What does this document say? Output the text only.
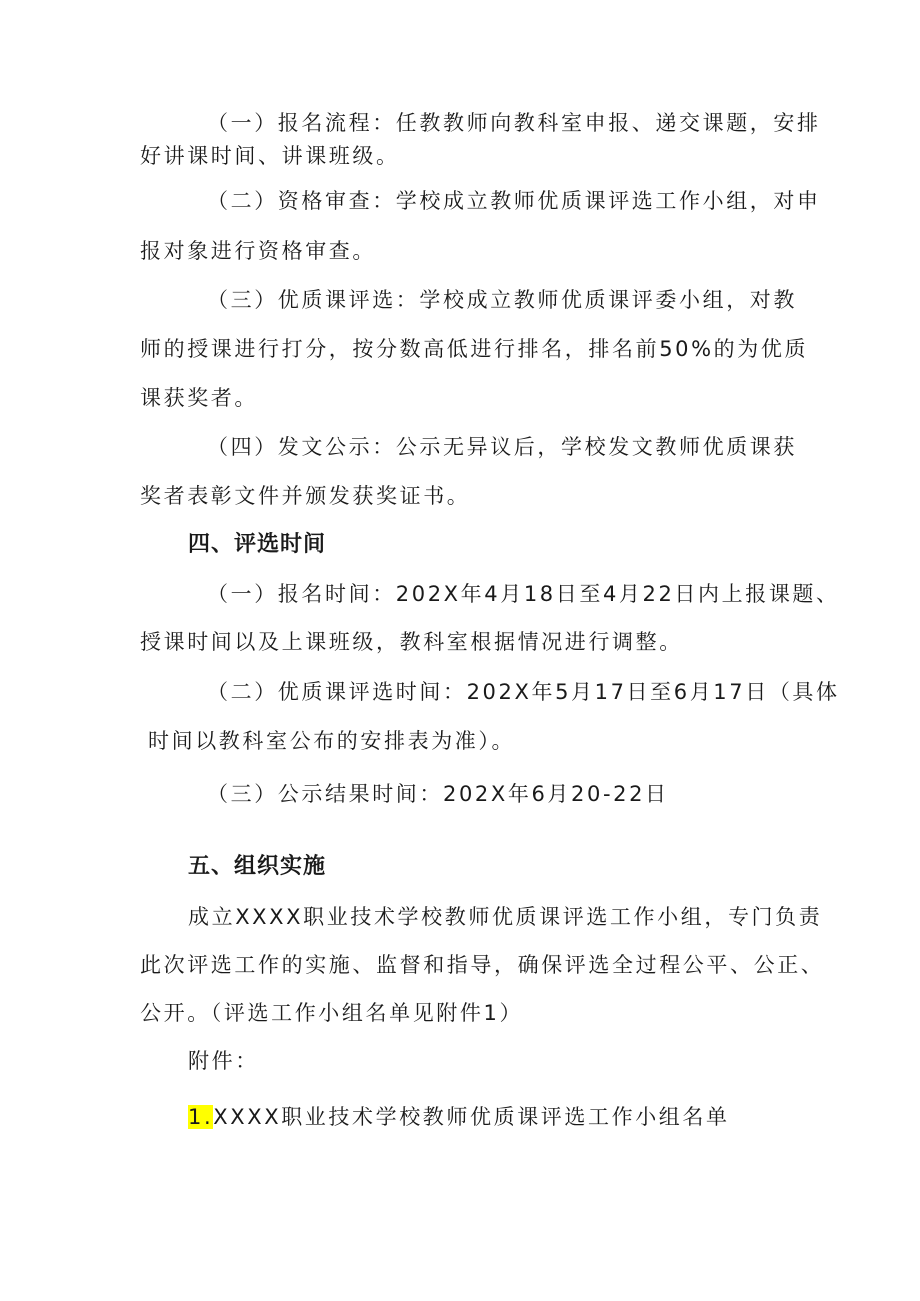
（一）报名流程：任教教师向教科室申报、递交课题，安排
好讲课时间、讲课班级。
（二）资格审查：学校成立教师优质课评选工作小组，对申
报对象进行资格审查。
（三）优质课评选：学校成立教师优质课评委小组，对教
师的授课进行打分，按分数高低进行排名，排名前50%的为优质
课获奖者。
（四）发文公示：公示无异议后，学校发文教师优质课获
奖者表彰文件并颁发获奖证书。
四、评选时间
（一）报名时间：202X年4月18日至4月22日内上报课题、
授课时间以及上课班级，教科室根据情况进行调整。
（二）优质课评选时间：202X年5月17日至6月17日（具体
时间以教科室公布的安排表为准）。
（三）公示结果时间：202X年6月20-22日
五、组织实施
成立XXXX职业技术学校教师优质课评选工作小组，专门负责
此次评选工作的实施、监督和指导，确保评选全过程公平、公正、
公开。（评选工作小组名单见附件1）
附件：
1.XXXX职业技术学校教师优质课评选工作小组名单
